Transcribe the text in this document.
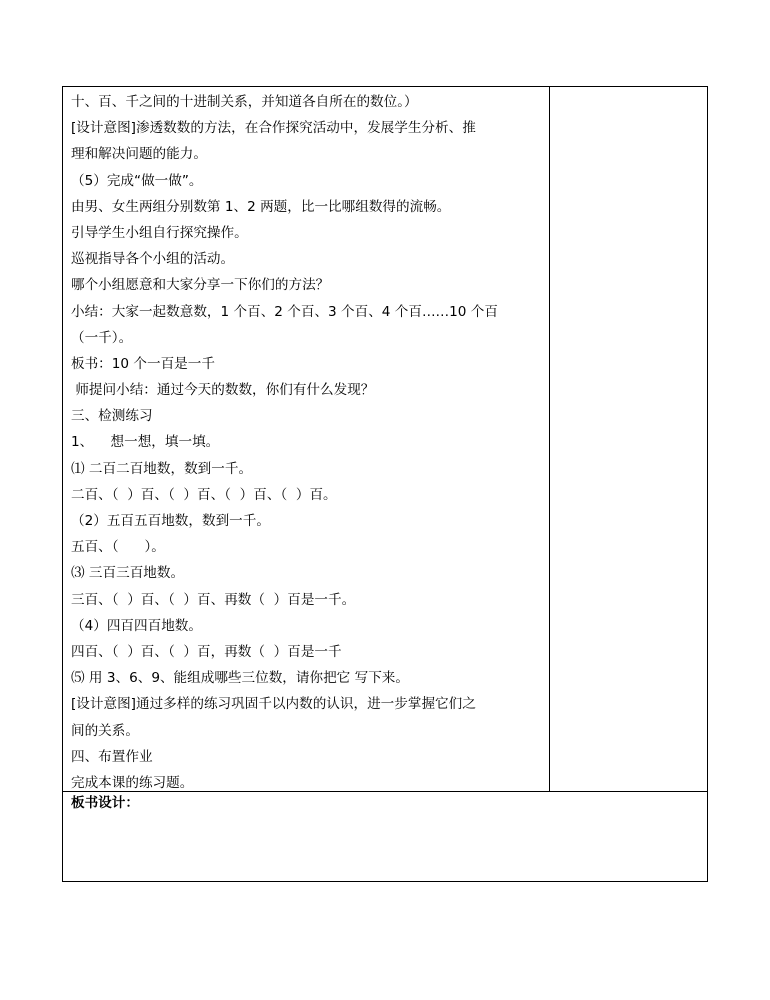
十、百、千之间的十进制关系，并知道各自所在的数位。）
[设计意图]渗透数数的方法，在合作探究活动中，发展学生分析、推
理和解决问题的能力。
（5）完成“做一做”。
由男、女生两组分别数第 1、2 两题，比一比哪组数得的流畅。
引导学生小组自行探究操作。
巡视指导各个小组的活动。
哪个小组愿意和大家分享一下你们的方法？
小结：大家一起数意数，1 个百、2 个百、3 个百、4 个百……10 个百
（一千）。
板书：10 个一百是一千
师提问小结：通过今天的数数，你们有什么发现？
三、检测练习
1、    想一想，填一填。
⑴ 二百二百地数，数到一千。
二百、（  ）百、（  ）百、（  ）百、（  ）百。
（2）五百五百地数，数到一千。
五百、（      ）。
⑶ 三百三百地数。
三百、（  ）百、（  ）百、再数（  ）百是一千。
（4）四百四百地数。
四百、（  ）百、（  ）百，再数（  ）百是一千
⑸ 用 3、6、9、能组成哪些三位数，请你把它 写下来。
[设计意图]通过多样的练习巩固千以内数的认识，进一步掌握它们之
间的关系。
四、布置作业
完成本课的练习题。
板书设计：
